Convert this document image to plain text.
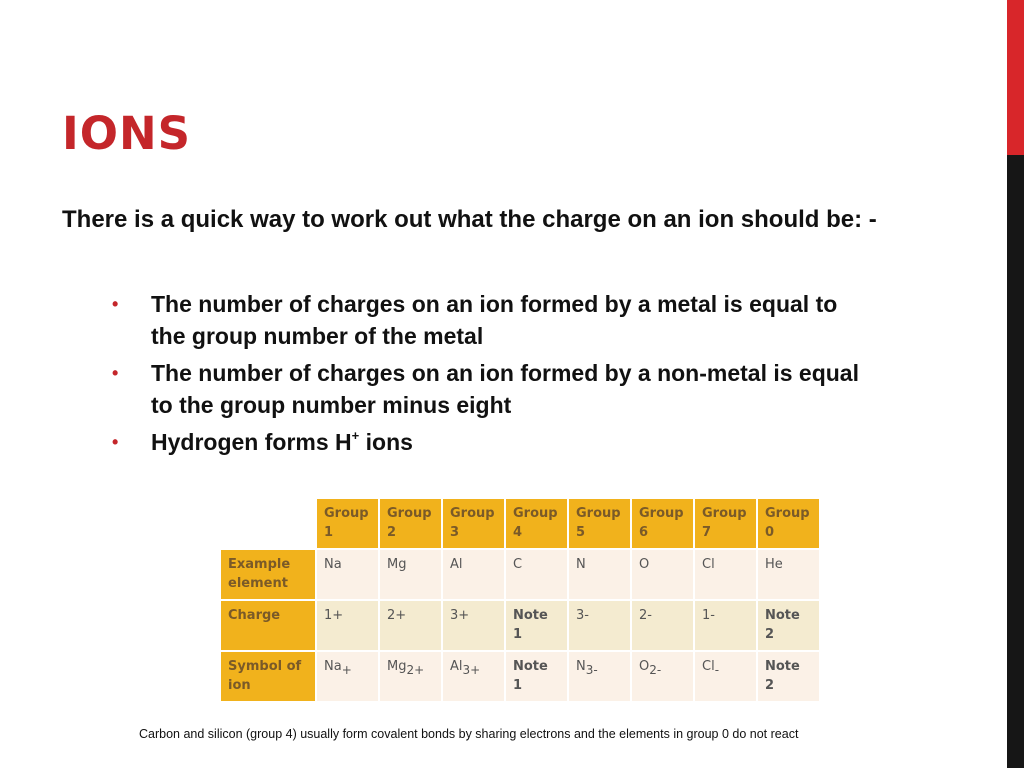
IONS

There is a quick way to work out what the charge on an ion should be: -

• The number of charges on an ion formed by a metal is equal to the group number of the metal
• The number of charges on an ion formed by a non-metal is equal to the group number minus eight
• Hydrogen forms H+ ions
	Group 1	Group 2	Group 3	Group 4	Group 5	Group 6	Group 7	Group 0
Example element	Na	Mg	Al	C	N	O	Cl	He
Charge	1+	2+	3+	Note 1	3-	2-	1-	Note 2
Symbol of ion	$Na_+$	$Mg_{2+}$	$Al_{3+}$	Note 1	$N_{3-}$	$O_{2-}$	$Cl_-$	Note 2

Carbon and silicon (group 4) usually form covalent bonds by sharing electrons and the elements in group 0 do not react
